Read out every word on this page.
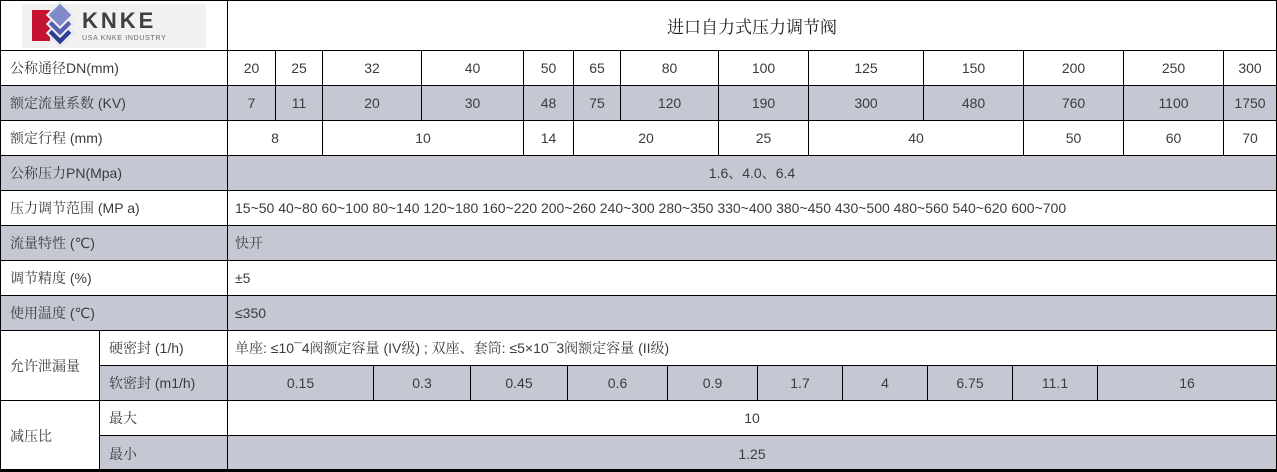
KNKE
USA KNKE INDUSTRY
进口自力式压力调节阀
公称通径DN(mm)	20	25	32	40	50	65	80	100	125	150	200	250	300
额定流量系数 (KV)	7	11	20	30	48	75	120	190	300	480	760	1100	1750
额定行程 (mm)	8	10	14	20	25	40	50	60	70
公称压力PN(Mpa)	1.6、4.0、6.4
压力调节范围 (MP a)	15~50 40~80 60~100 80~140 120~180 160~220 200~260 240~300 280~350 330~400 380~450 430~500 480~560 540~620 600~700
流量特性 (℃)	快开
调节精度 (%)	±5
使用温度 (℃)	≤350
允许泄漏量
硬密封 (1/h)	单座: ≤10¯4阀额定容量 (IV级) ; 双座、套筒: ≤5×10¯3阀额定容量 (II级)
软密封 (m1/h)	0.15	0.3	0.45	0.6	0.9	1.7	4	6.75	11.1	16
减压比
最大	10
最小	1.25
